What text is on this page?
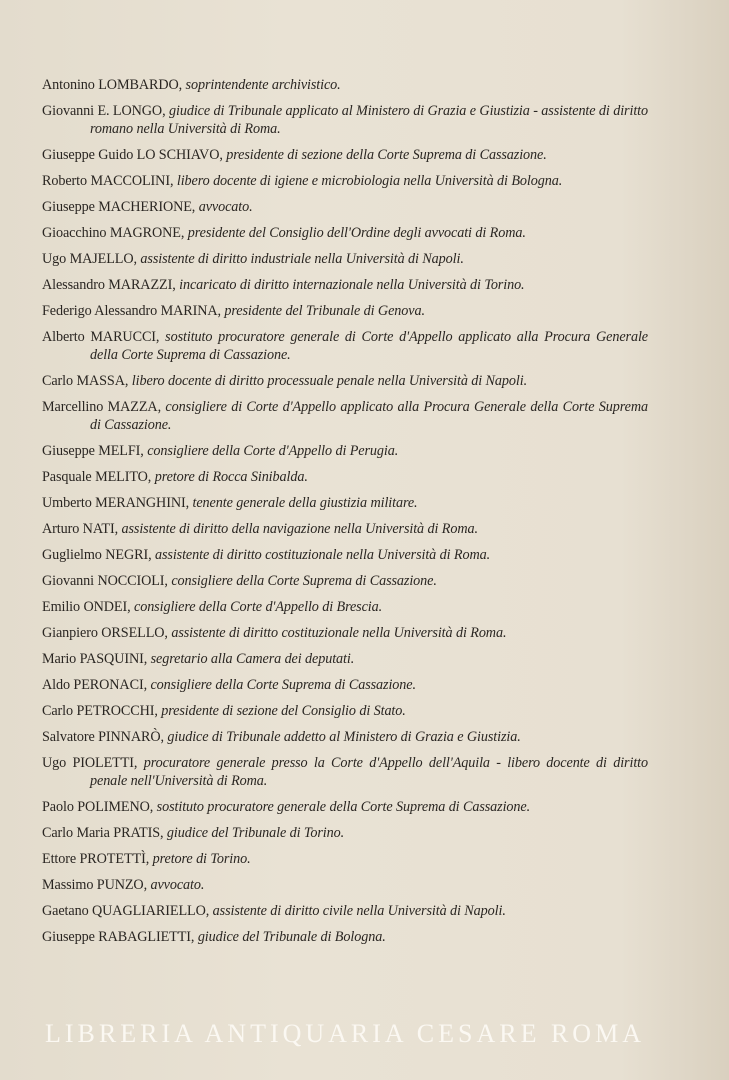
Antonino LOMBARDO, soprintendente archivistico.
Giovanni E. LONGO, giudice di Tribunale applicato al Ministero di Grazia e Giustizia - assistente di diritto romano nella Università di Roma.
Giuseppe Guido LO SCHIAVO, presidente di sezione della Corte Suprema di Cassazione.
Roberto MACCOLINI, libero docente di igiene e microbiologia nella Università di Bologna.
Giuseppe MACHERIONE, avvocato.
Gioacchino MAGRONE, presidente del Consiglio dell'Ordine degli avvocati di Roma.
Ugo MAJELLO, assistente di diritto industriale nella Università di Napoli.
Alessandro MARAZZI, incaricato di diritto internazionale nella Università di Torino.
Federigo Alessandro MARINA, presidente del Tribunale di Genova.
Alberto MARUCCI, sostituto procuratore generale di Corte d'Appello applicato alla Procura Generale della Corte Suprema di Cassazione.
Carlo MASSA, libero docente di diritto processuale penale nella Università di Napoli.
Marcellino MAZZA, consigliere di Corte d'Appello applicato alla Procura Generale della Corte Suprema di Cassazione.
Giuseppe MELFI, consigliere della Corte d'Appello di Perugia.
Pasquale MELITO, pretore di Rocca Sinibalda.
Umberto MERANGHINI, tenente generale della giustizia militare.
Arturo NATI, assistente di diritto della navigazione nella Università di Roma.
Guglielmo NEGRI, assistente di diritto costituzionale nella Università di Roma.
Giovanni NOCCIOLI, consigliere della Corte Suprema di Cassazione.
Emilio ONDEI, consigliere della Corte d'Appello di Brescia.
Gianpiero ORSELLO, assistente di diritto costituzionale nella Università di Roma.
Mario PASQUINI, segretario alla Camera dei deputati.
Aldo PERONACI, consigliere della Corte Suprema di Cassazione.
Carlo PETROCCHI, presidente di sezione del Consiglio di Stato.
Salvatore PINNARÒ, giudice di Tribunale addetto al Ministero di Grazia e Giustizia.
Ugo PIOLETTI, procuratore generale presso la Corte d'Appello dell'Aquila - libero docente di diritto penale nell'Università di Roma.
Paolo POLIMENO, sostituto procuratore generale della Corte Suprema di Cassazione.
Carlo Maria PRATIS, giudice del Tribunale di Torino.
Ettore PROTETTÌ, pretore di Torino.
Massimo PUNZO, avvocato.
Gaetano QUAGLIARIELLO, assistente di diritto civile nella Università di Napoli.
Giuseppe RABAGLIETTI, giudice del Tribunale di Bologna.
LIBRERIA ANTIQUARIA CESARE ROMA
